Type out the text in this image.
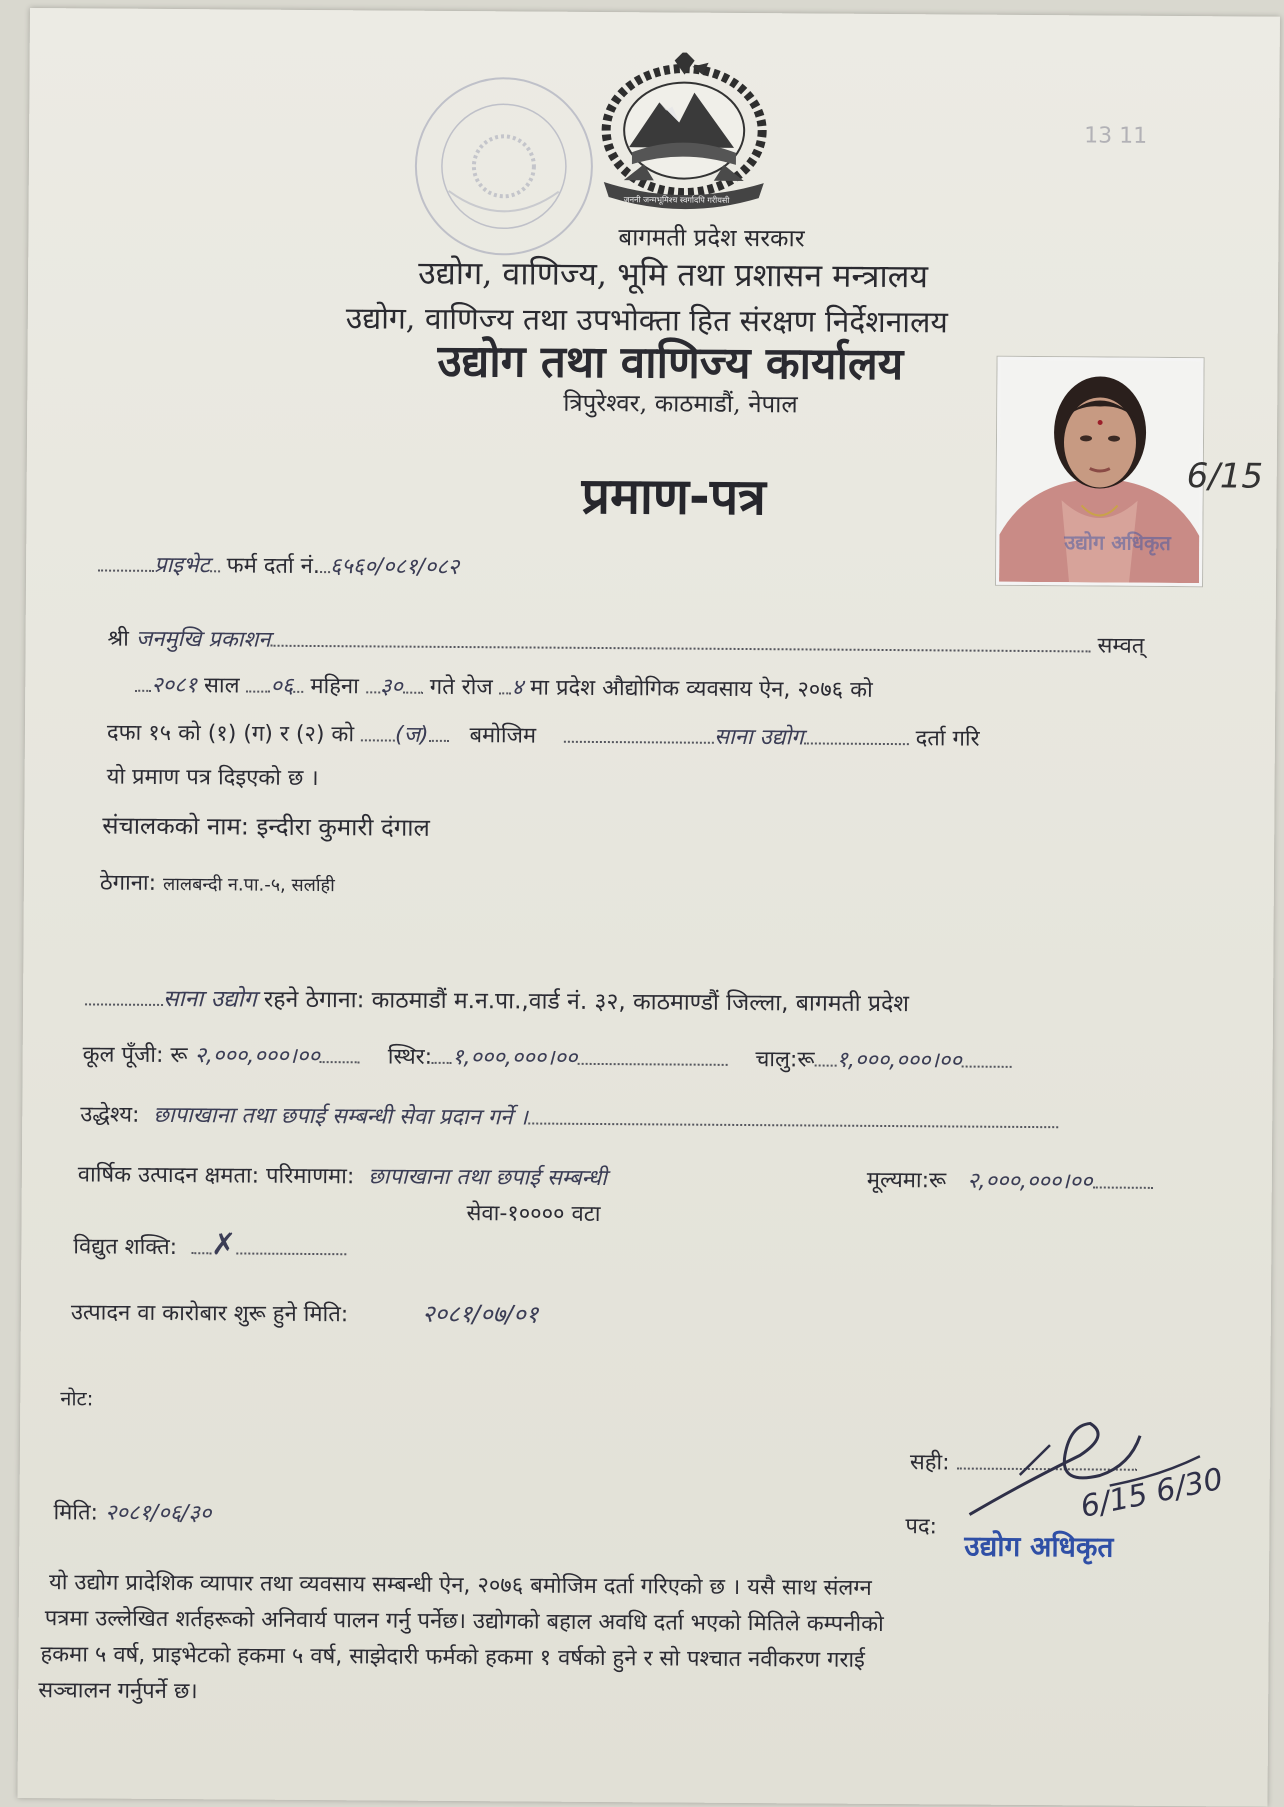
जननी जन्मभूमिश्च स्वर्गादपि गरीयसी
13 11
बागमती प्रदेश सरकार
उद्योग, वाणिज्य, भूमि तथा प्रशासन मन्त्रालय
उद्योग, वाणिज्य तथा उपभोक्ता हित संरक्षण निर्देशनालय
उद्योग तथा वाणिज्य कार्यालय
त्रिपुरेश्वर, काठमाडौं, नेपाल
प्रमाण-पत्र
उद्योग अधिकृत
6/15
प्राइभेट फर्म दर्ता नं. ६५६०/०८१/०८२
श्री जनमुखि प्रकाशन	सम्वत्
२०८१ साल ०६ महिना ३० गते रोज ४ मा प्रदेश औद्योगिक व्यवसाय ऐन, २०७६ को
दफा १५ को (१) (ग) र (२) को (ज) बमोजिम	साना उद्योग	दर्ता गरि
यो प्रमाण पत्र दिइएको छ ।
संचालकको नाम: इन्दीरा कुमारी दंगाल
ठेगाना: लालबन्दी न.पा.-५, सर्लाही
साना उद्योग रहने ठेगाना: काठमाडौं म.न.पा.,वार्ड नं. ३२, काठमाण्डौं जिल्ला, बागमती प्रदेश
कूल पूँजी: रू २,०००,०००।००	स्थिर: १,०००,०००।००	चालु:रू १,०००,०००।००
उद्धेश्य: छापाखाना तथा छपाई सम्बन्धी सेवा प्रदान गर्ने ।
वार्षिक उत्पादन क्षमता: परिमाणमा: छापाखाना तथा छपाई सम्बन्धी	मूल्यमा:रू २,०००,०००।००
सेवा-१०००० वटा
विद्युत शक्ति: ✗
उत्पादन वा कारोबार शुरू हुने मिति:	२०८१/०७/०१
नोट:
सही:	6/15 6/30
पद:
उद्योग अधिकृत
मिति: २०८१/०६/३०
यो उद्योग प्रादेशिक व्यापार तथा व्यवसाय सम्बन्धी ऐन, २०७६ बमोजिम दर्ता गरिएको छ । यसै साथ संलग्न
पत्रमा उल्लेखित शर्तहरूको अनिवार्य पालन गर्नु पर्नेछ। उद्योगको बहाल अवधि दर्ता भएको मितिले कम्पनीको
हकमा ५ वर्ष, प्राइभेटको हकमा ५ वर्ष, साझेदारी फर्मको हकमा १ वर्षको हुने र सो पश्चात नवीकरण गराई
सञ्चालन गर्नुपर्ने छ।
